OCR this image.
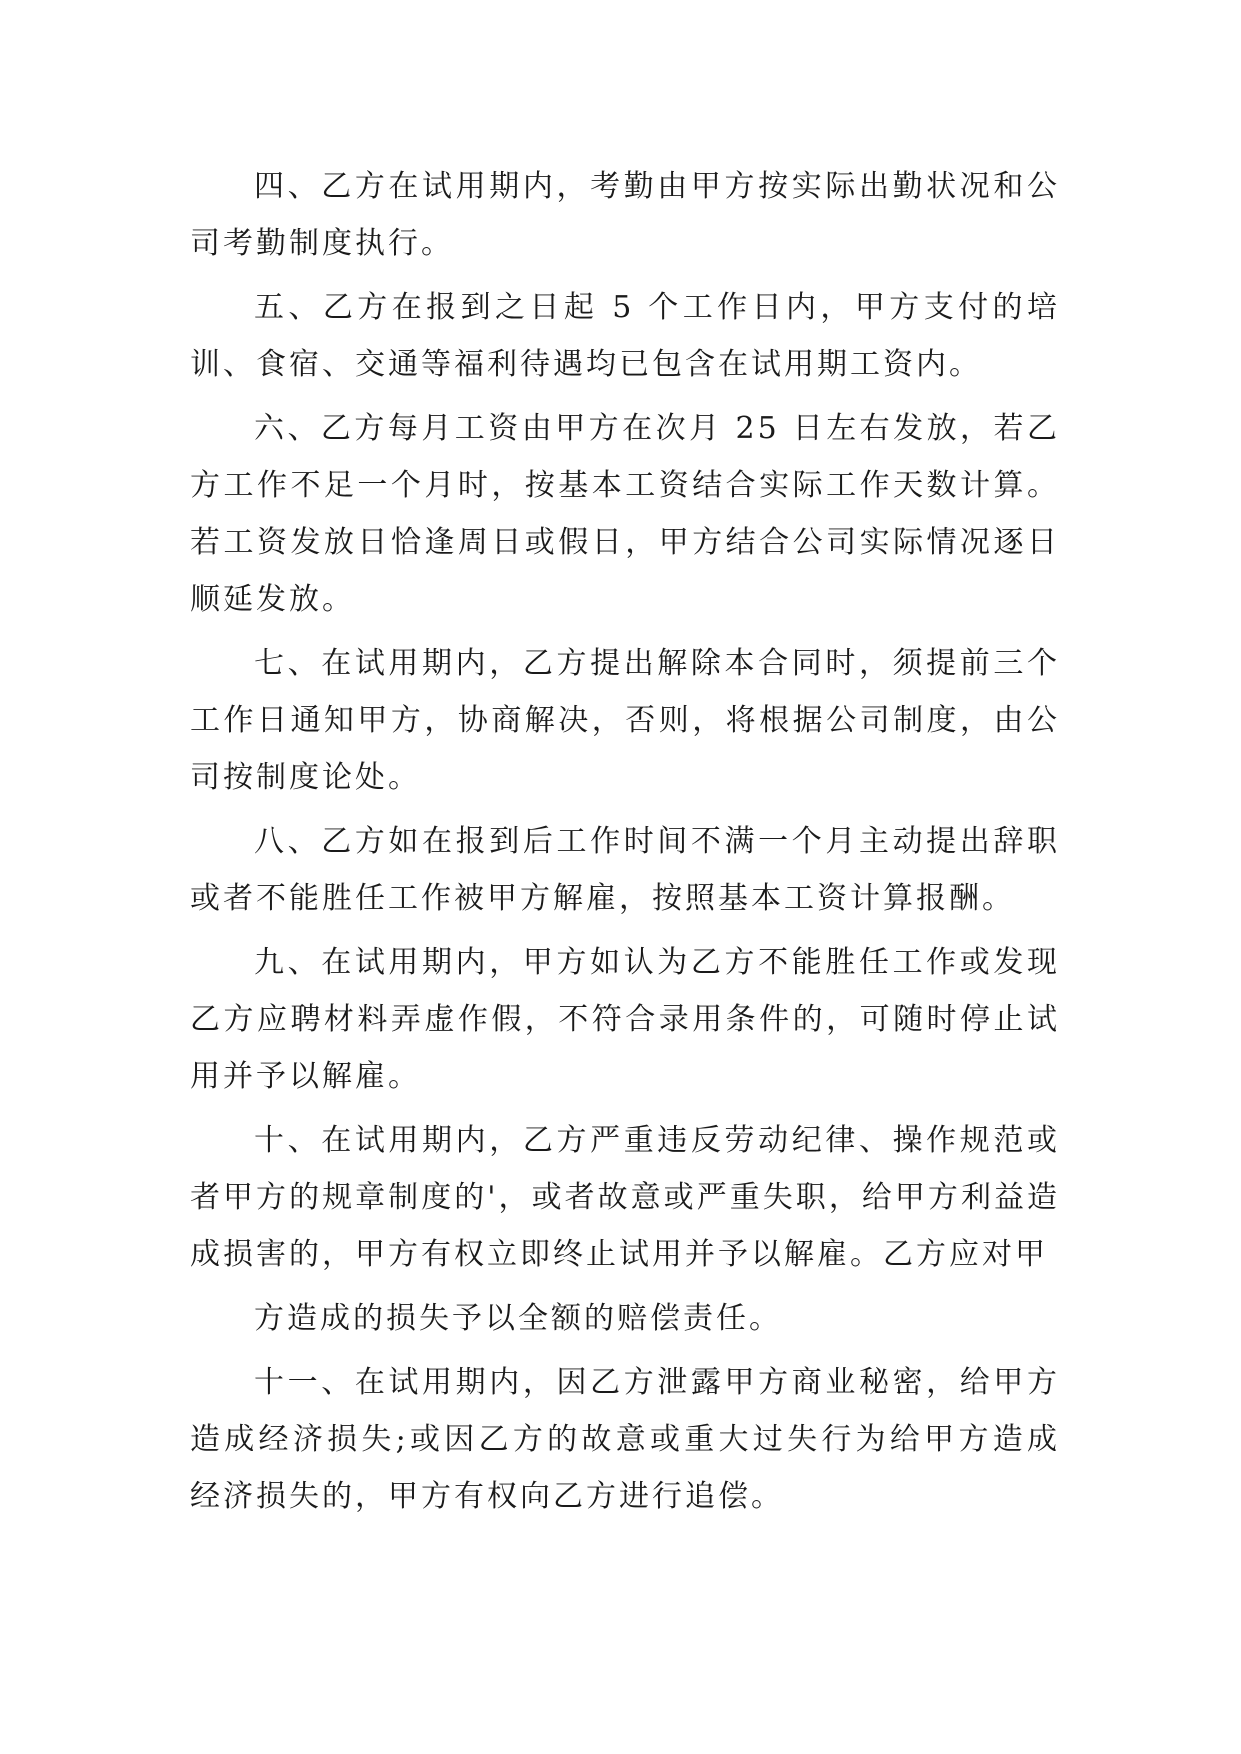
四、乙方在试用期内，考勤由甲方按实际出勤状况和公司考勤制度执行。

五、乙方在报到之日起 5 个工作日内，甲方支付的培训、食宿、交通等福利待遇均已包含在试用期工资内。

六、乙方每月工资由甲方在次月 25 日左右发放，若乙方工作不足一个月时，按基本工资结合实际工作天数计算。若工资发放日恰逢周日或假日，甲方结合公司实际情况逐日顺延发放。

七、在试用期内，乙方提出解除本合同时，须提前三个工作日通知甲方，协商解决，否则，将根据公司制度，由公司按制度论处。

八、乙方如在报到后工作时间不满一个月主动提出辞职或者不能胜任工作被甲方解雇，按照基本工资计算报酬。

九、在试用期内，甲方如认为乙方不能胜任工作或发现乙方应聘材料弄虚作假，不符合录用条件的，可随时停止试用并予以解雇。

十、在试用期内，乙方严重违反劳动纪律、操作规范或者甲方的规章制度的'，或者故意或严重失职，给甲方利益造成损害的，甲方有权立即终止试用并予以解雇。乙方应对甲

方造成的损失予以全额的赔偿责任。

十一、在试用期内，因乙方泄露甲方商业秘密，给甲方造成经济损失;或因乙方的故意或重大过失行为给甲方造成经济损失的，甲方有权向乙方进行追偿。
